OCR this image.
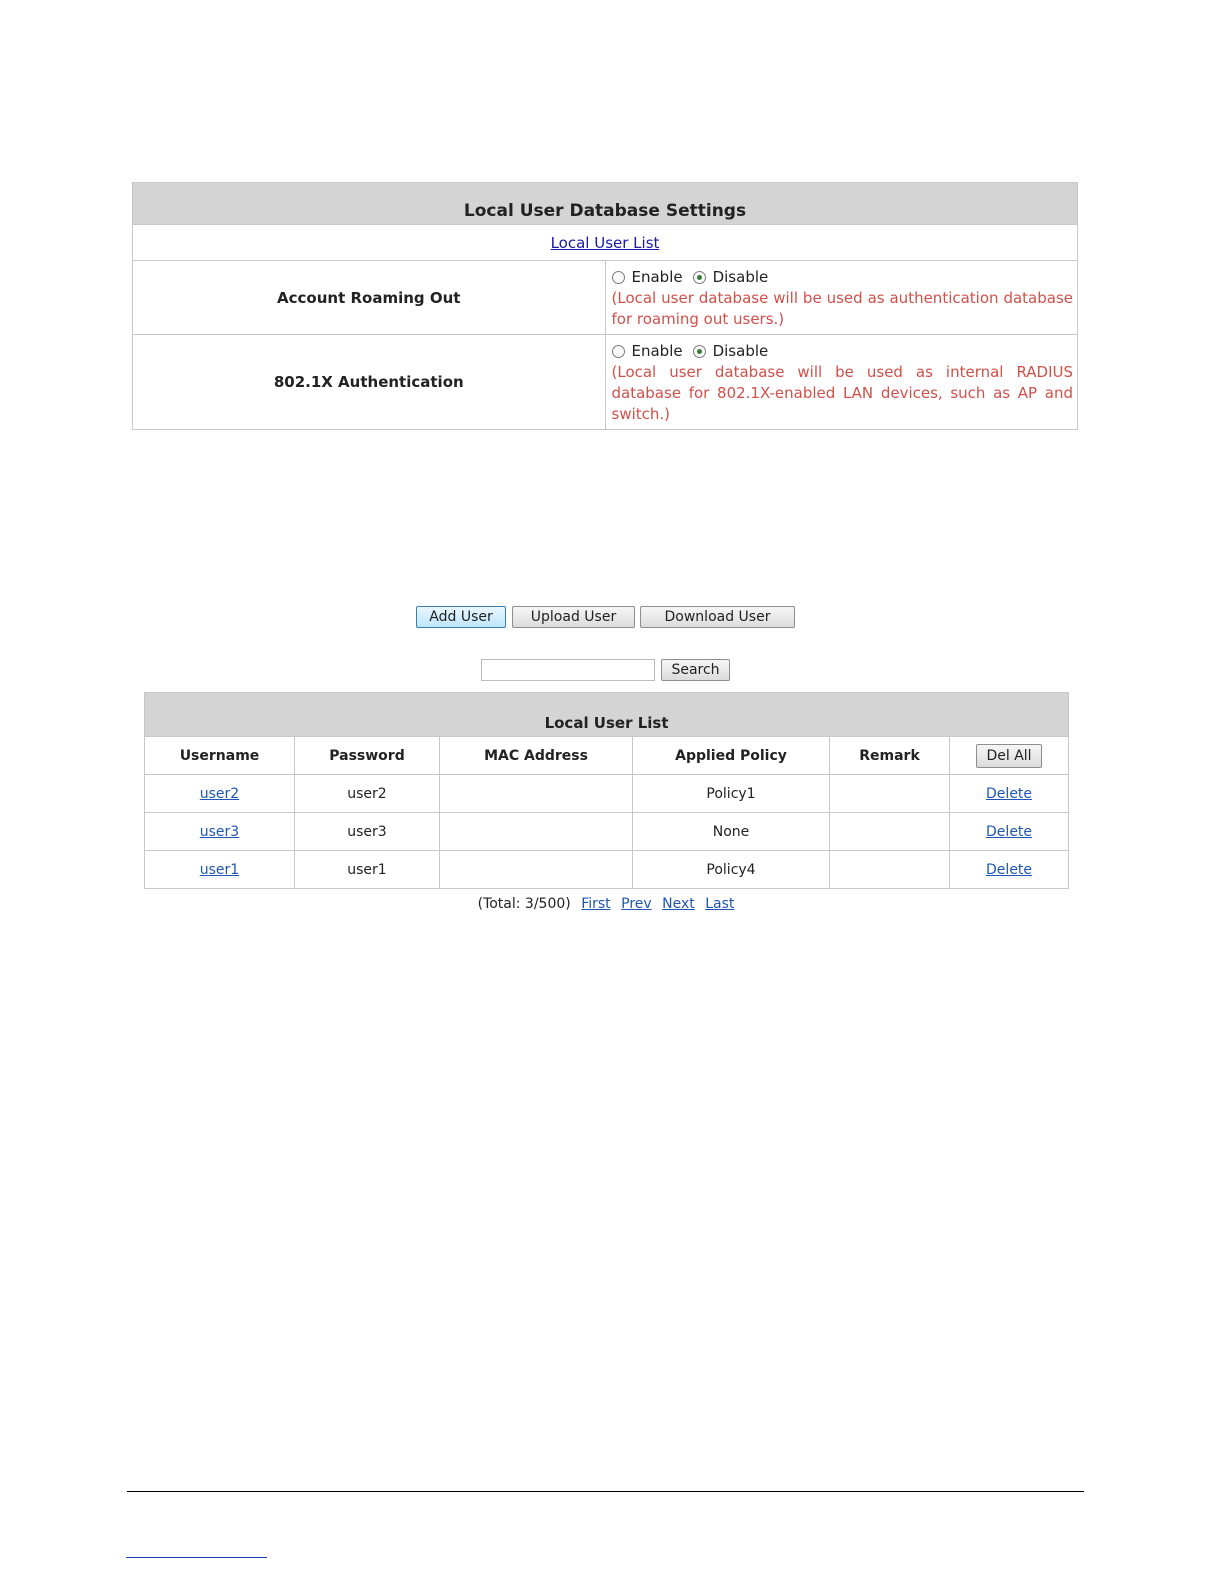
Local User Database Settings	
Local User List	
Account Roaming Out	Enable Disable
(Local user database will be used as authentication database for roaming out users.)

802.1X Authentication	Enable Disable
(Local user database will be used as internal RADIUS database for 802.1X-enabled LAN devices, such as AP and switch.)
Add User	Upload User	Download User
Search
Local User List					
Username	Password	MAC Address	Applied Policy	Remark	Del All
user2	user2		Policy1		Delete
user3	user3		None		Delete
user1	user1		Policy4		Delete
(Total: 3/500) First Prev Next Last
